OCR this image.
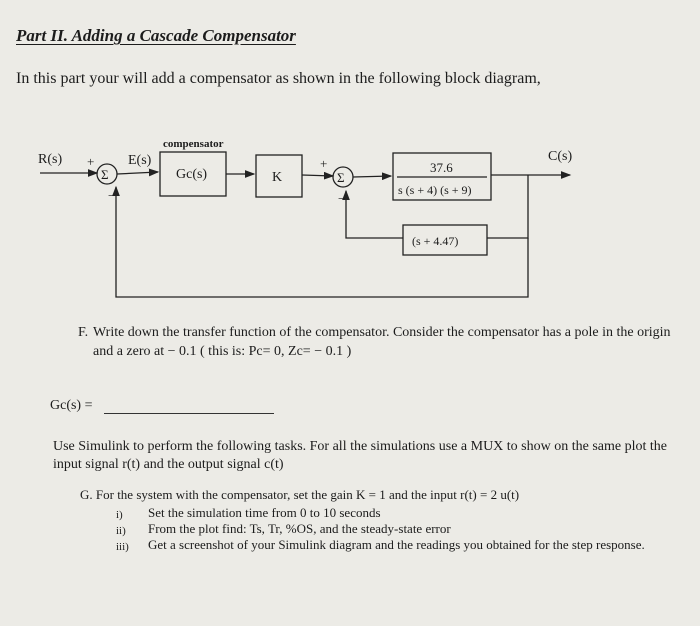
Part II. Adding a Cascade Compensator
In this part your will add a compensator as shown in the following block diagram,
R(s)	C(s)
E(s)
compensator
Gc(s)	K
37.6
s (s + 4) (s + 9)
(s + 4.47)
Σ	Σ
+
−
+
−
F. Write down the transfer function of the compensator. Consider the compensator has a pole in the origin and a zero at − 0.1 ( this is: Pc= 0, Zc= − 0.1 )
Gc(s) =
Use Simulink to perform the following tasks. For all the simulations use a MUX to show on the same plot the input signal r(t) and the output signal c(t)
G. For the system with the compensator, set the gain K = 1 and the input r(t) = 2 u(t)
i) Set the simulation time from 0 to 10 seconds
ii) From the plot find: Ts, Tr, %OS, and the steady-state error
iii) Get a screenshot of your Simulink diagram and the readings you obtained for the step response.
